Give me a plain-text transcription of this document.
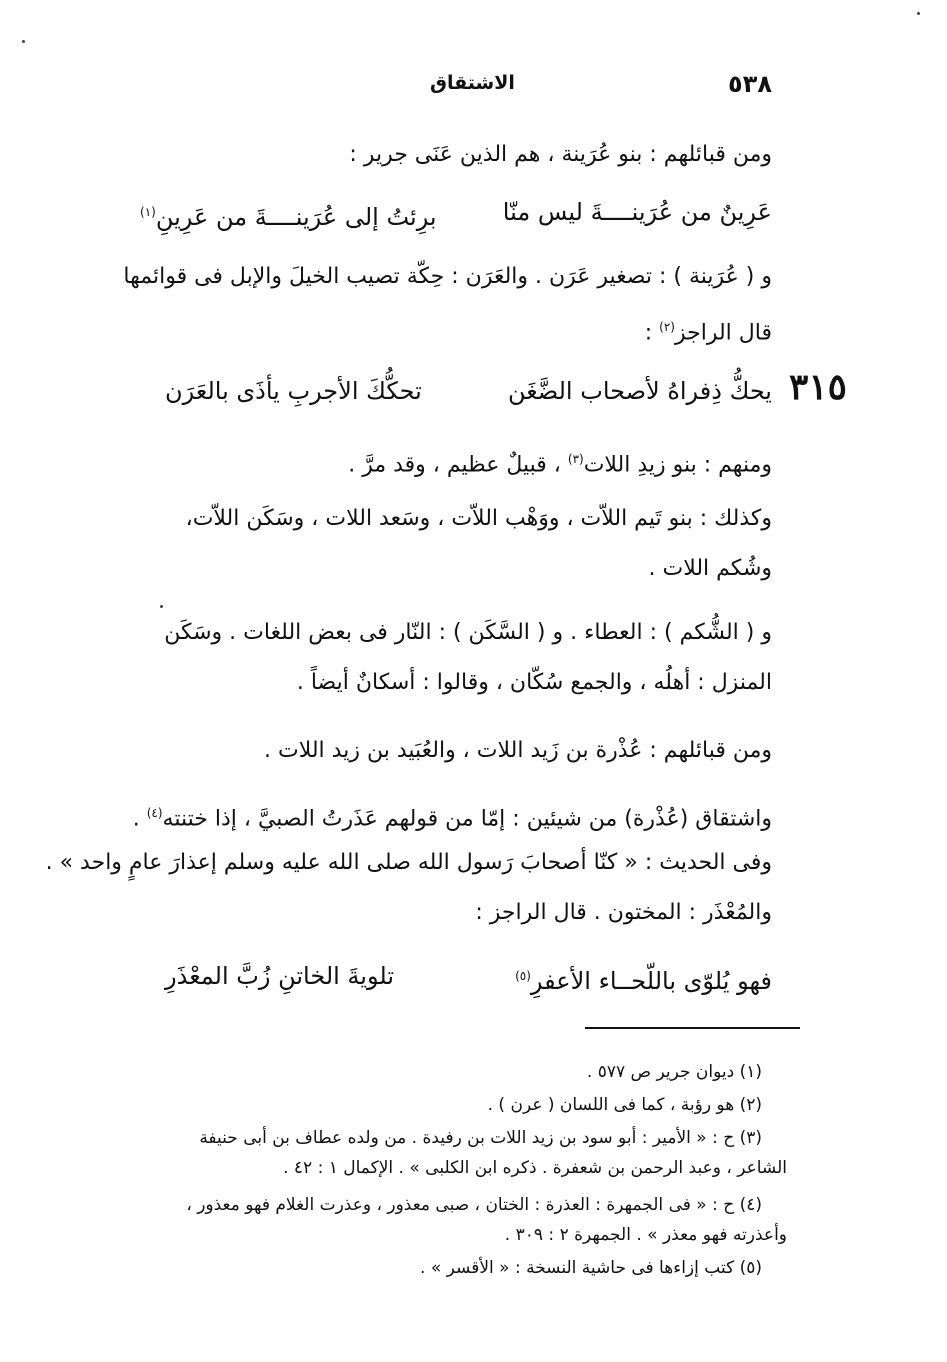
٥٣٨
الاشتقاق
ومن قبائلهم : بنو عُرَينة ، هم الذين عَنَى جرير :
عَرِينٌ من عُرَينــــةَ ليس منّا
برِئتُ إلى عُرَينــــةَ من عَرِينِ$^{(١)}$
و ( عُرَينة ) : تصغير عَرَن . والعَرَن : حِكّة تصيب الخيلَ والإبل فى قوائمها
قال الراجز$^{(٢)}$ :
٣١٥
يحكُّ ذِفراهُ لأصحاب الضَّغَن
تحكُّكَ الأجربِ يأذَى بالعَرَن
ومنهم : بنو زيدِ اللات$^{(٣)}$ ، قبيلٌ عظيم ، وقد مرَّ .
وكذلك : بنو تَيم اللاّت ، ووَهْب اللاّت ، وسَعد اللات ، وسَكَن اللاّت،
وشُكم اللات .
و ( الشُّكم ) : العطاء . و ( السَّكَن ) : النّار فى بعض اللغات . وسَكَن
المنزل : أهلُه ، والجمع سُكّان ، وقالوا : أسكانٌ أيضاً .
ومن قبائلهم : عُذْرة بن زَيد اللات ، والعُبَيد بن زيد اللات .
واشتقاق (عُذْرة) من شيئين : إمّا من قولهم عَذَرتُ الصبيَّ ، إذا ختنته$^{(٤)}$ .
وفى الحديث : « كنّا أصحابَ رَسول الله صلى الله عليه وسلم إعذارَ عامٍ واحد » .
والمُعْذَر : المختون . قال الراجز :
فهو يُلوّى باللّحــاء الأعفرِ$^{(٥)}$
تلويةَ الخاتنِ زُبَّ المعْذَرِ
(١) ديوان جرير ص ٥٧٧ .
(٢) هو رؤبة ، كما فى اللسان ( عرن ) .
(٣) ح : « الأمير : أبو سود بن زيد اللات بن رفيدة . من ولده عطاف بن أبى حنيفة
الشاعر ، وعبد الرحمن بن شعفرة . ذكره ابن الكلبى » . الإكمال ١ : ٤٢ .
(٤) ح : « فى الجمهرة : العذرة : الختان ، صبى معذور ، وعذرت الغلام فهو معذور ،
وأعذرته فهو معذر » . الجمهرة ٢ : ٣٠٩ .
(٥) كتب إزاءها فى حاشية النسخة : « الأقسر » .
